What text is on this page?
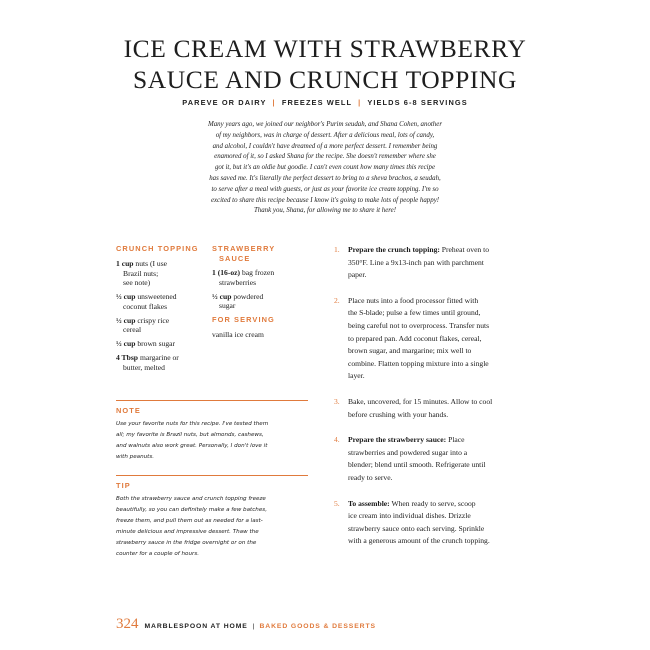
ICE CREAM WITH STRAWBERRY
SAUCE AND CRUNCH TOPPING
PAREVE OR DAIRY | FREEZES WELL | YIELDS 6-8 SERVINGS
Many years ago, we joined our neighbor's Purim seudah, and Shana Cohen, another
of my neighbors, was in charge of dessert. After a delicious meal, lots of candy,
and alcohol, I couldn't have dreamed of a more perfect dessert. I remember being
enamored of it, so I asked Shana for the recipe. She doesn't remember where she
got it, but it's an oldie but goodie. I can't even count how many times this recipe
has saved me. It's literally the perfect dessert to bring to a sheva brachos, a seudah,
to serve after a meal with guests, or just as your favorite ice cream topping. I'm so
excited to share this recipe because I know it's going to make lots of people happy!
Thank you, Shana, for allowing me to share it here!
CRUNCH TOPPING
1 cup nuts (I use
Brazil nuts;
see note)
½ cup unsweetened
coconut flakes
½ cup crispy rice
cereal
½ cup brown sugar
4 Tbsp margarine or
butter, melted
STRAWBERRY
SAUCE
1 (16-oz) bag frozen
strawberries
½ cup powdered
sugar
FOR SERVING
vanilla ice cream
NOTE
Use your favorite nuts for this recipe. I've tested them
all; my favorite is Brazil nuts, but almonds, cashews,
and walnuts also work great. Personally, I don't love it
with peanuts.
TIP
Both the strawberry sauce and crunch topping freeze
beautifully, so you can definitely make a few batches,
freeze them, and pull them out as needed for a last-
minute delicious and impressive dessert. Thaw the
strawberry sauce in the fridge overnight or on the
counter for a couple of hours.
1.	Prepare the crunch topping: Preheat oven to
350°F. Line a 9x13-inch pan with parchment
paper.
2.	Place nuts into a food processor fitted with
the S-blade; pulse a few times until ground,
being careful not to overprocess. Transfer nuts
to prepared pan. Add coconut flakes, cereal,
brown sugar, and margarine; mix well to
combine. Flatten topping mixture into a single
layer.
3.	Bake, uncovered, for 15 minutes. Allow to cool
before crushing with your hands.
4.	Prepare the strawberry sauce: Place
strawberries and powdered sugar into a
blender; blend until smooth. Refrigerate until
ready to serve.
5.	To assemble: When ready to serve, scoop
ice cream into individual dishes. Drizzle
strawberry sauce onto each serving. Sprinkle
with a generous amount of the crunch topping.
324 MARBLESPOON AT HOME | BAKED GOODS & DESSERTS
